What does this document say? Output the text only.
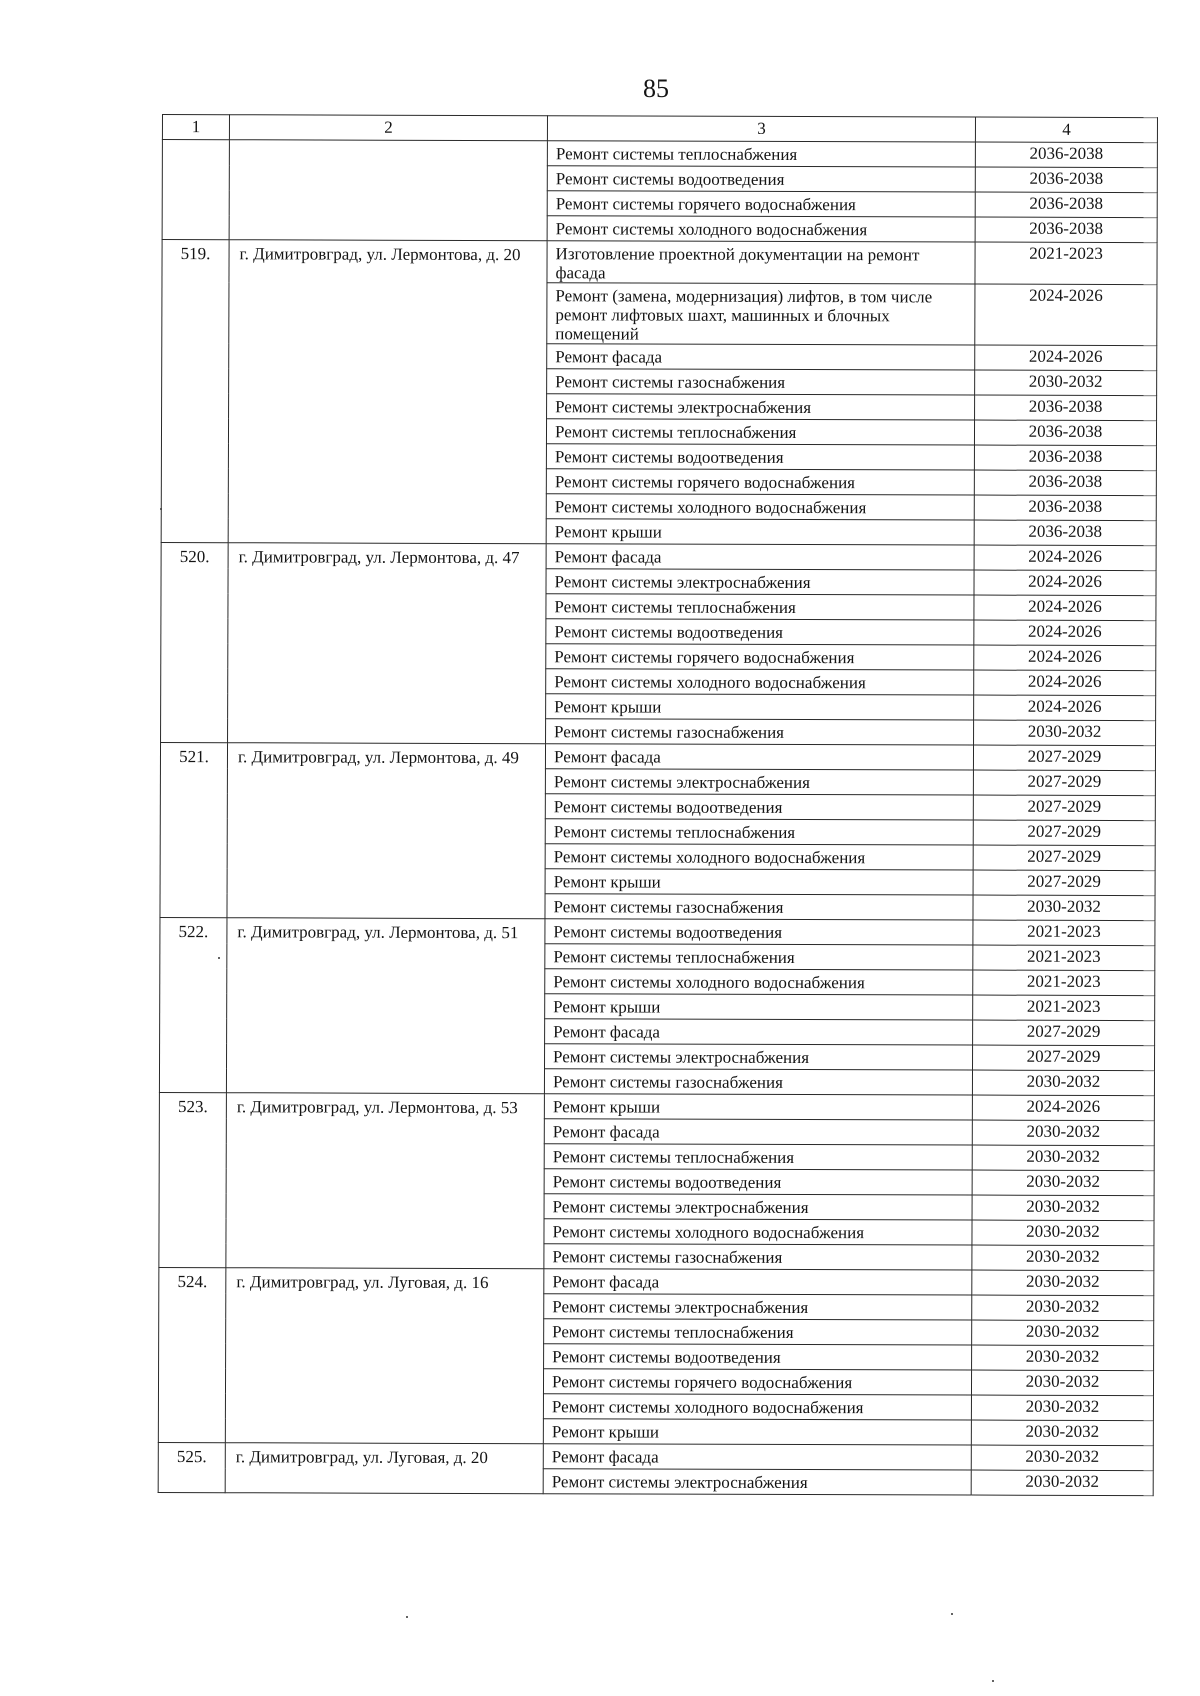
85
1	2	3	4
		Ремонт системы теплоснабжения	2036-2038
		Ремонт системы водоотведения	2036-2038
		Ремонт системы горячего водоснабжения	2036-2038
		Ремонт системы холодного водоснабжения	2036-2038
519.	г. Димитровград, ул. Лермонтова, д. 20	Изготовление проектной документации на ремонт фасада	2021-2023
		Ремонт (замена, модернизация) лифтов, в том числе ремонт лифтовых шахт, машинных и блочных помещений	2024-2026
		Ремонт фасада	2024-2026
		Ремонт системы газоснабжения	2030-2032
		Ремонт системы электроснабжения	2036-2038
		Ремонт системы теплоснабжения	2036-2038
		Ремонт системы водоотведения	2036-2038
		Ремонт системы горячего водоснабжения	2036-2038
		Ремонт системы холодного водоснабжения	2036-2038
		Ремонт крыши	2036-2038
520.	г. Димитровград, ул. Лермонтова, д. 47	Ремонт фасада	2024-2026
		Ремонт системы электроснабжения	2024-2026
		Ремонт системы теплоснабжения	2024-2026
		Ремонт системы водоотведения	2024-2026
		Ремонт системы горячего водоснабжения	2024-2026
		Ремонт системы холодного водоснабжения	2024-2026
		Ремонт крыши	2024-2026
		Ремонт системы газоснабжения	2030-2032
521.	г. Димитровград, ул. Лермонтова, д. 49	Ремонт фасада	2027-2029
		Ремонт системы электроснабжения	2027-2029
		Ремонт системы водоотведения	2027-2029
		Ремонт системы теплоснабжения	2027-2029
		Ремонт системы холодного водоснабжения	2027-2029
		Ремонт крыши	2027-2029
		Ремонт системы газоснабжения	2030-2032
522.	г. Димитровград, ул. Лермонтова, д. 51	Ремонт системы водоотведения	2021-2023
		Ремонт системы теплоснабжения	2021-2023
		Ремонт системы холодного водоснабжения	2021-2023
		Ремонт крыши	2021-2023
		Ремонт фасада	2027-2029
		Ремонт системы электроснабжения	2027-2029
		Ремонт системы газоснабжения	2030-2032
523.	г. Димитровград, ул. Лермонтова, д. 53	Ремонт крыши	2024-2026
		Ремонт фасада	2030-2032
		Ремонт системы теплоснабжения	2030-2032
		Ремонт системы водоотведения	2030-2032
		Ремонт системы электроснабжения	2030-2032
		Ремонт системы холодного водоснабжения	2030-2032
		Ремонт системы газоснабжения	2030-2032
524.	г. Димитровград, ул. Луговая, д. 16	Ремонт фасада	2030-2032
		Ремонт системы электроснабжения	2030-2032
		Ремонт системы теплоснабжения	2030-2032
		Ремонт системы водоотведения	2030-2032
		Ремонт системы горячего водоснабжения	2030-2032
		Ремонт системы холодного водоснабжения	2030-2032
		Ремонт крыши	2030-2032
525.	г. Димитровград, ул. Луговая, д. 20	Ремонт фасада	2030-2032
		Ремонт системы электроснабжения	2030-2032
